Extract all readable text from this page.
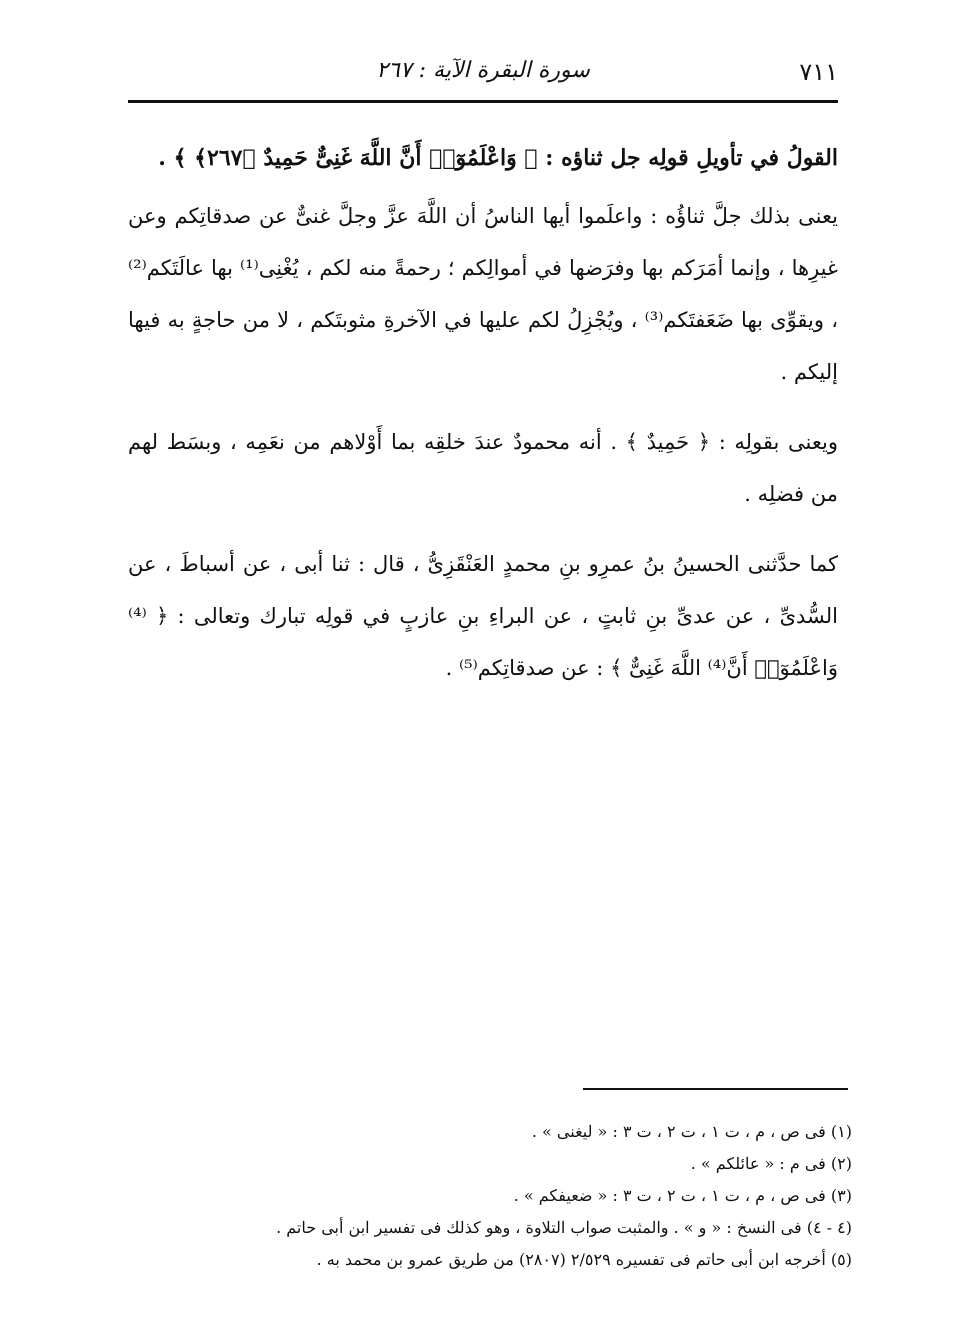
٧١١
سورة البقرة الآية : ٢٦٧

القولُ في تأويلِ قولِه جل ثناؤه : ﴿ وَاعْلَمُوٓا۟ أَنَّ اللَّهَ غَنِىٌّ حَمِيدٌ ﴿٢٦٧﴾ ﴾ .

يعنى بذلك جلَّ ثناؤُه : واعلَموا أيها الناسُ أن اللَّهَ عزَّ وجلَّ غنىٌّ عن صدقاتِكم وعن غيرِها ، وإنما أمَرَكم بها وفرَضها في أموالِكم ؛ رحمةً منه لكم ، يُغْنِى⁽¹⁾ بها عالَتَكم⁽²⁾ ، ويقوِّى بها ضَعَفتَكم⁽³⁾ ، ويُجْزِلُ لكم عليها في الآخرةِ مثوبتَكم ، لا من حاجةٍ به فيها إليكم .

ويعنى بقولِه : ﴿ حَمِيدٌ ﴾ . أنه محمودٌ عندَ خلقِه بما أَوْلاهم من نعَمِه ، وبسَط لهم من فضلِه .

كما حدَّثنى الحسينُ بنُ عمرِو بنِ محمدٍ العَنْقَزِىُّ ، قال : ثنا أبى ، عن أسباطَ ، عن السُّدىِّ ، عن عدىِّ بنِ ثابتٍ ، عن البراءِ بنِ عازبٍ في قولِه تبارك وتعالى : ﴿ ⁽⁴⁾وَاعْلَمُوٓا۟ أَنَّ⁽⁴⁾ اللَّهَ غَنِىٌّ ﴾ : عن صدقاتِكم⁽⁵⁾ .

(١) فى ص ، م ، ت ١ ، ت ٢ ، ت ٣ : « ليغنى » .
(٢) فى م : « عائلكم » .
(٣) فى ص ، م ، ت ١ ، ت ٢ ، ت ٣ : « ضعيفكم » .
(٤ - ٤) فى النسخ : « و » . والمثبت صواب التلاوة ، وهو كذلك فى تفسير ابن أبى حاتم .
(٥) أخرجه ابن أبى حاتم فى تفسيره ٢/٥٢٩ (٢٨٠٧) من طريق عمرو بن محمد به .
